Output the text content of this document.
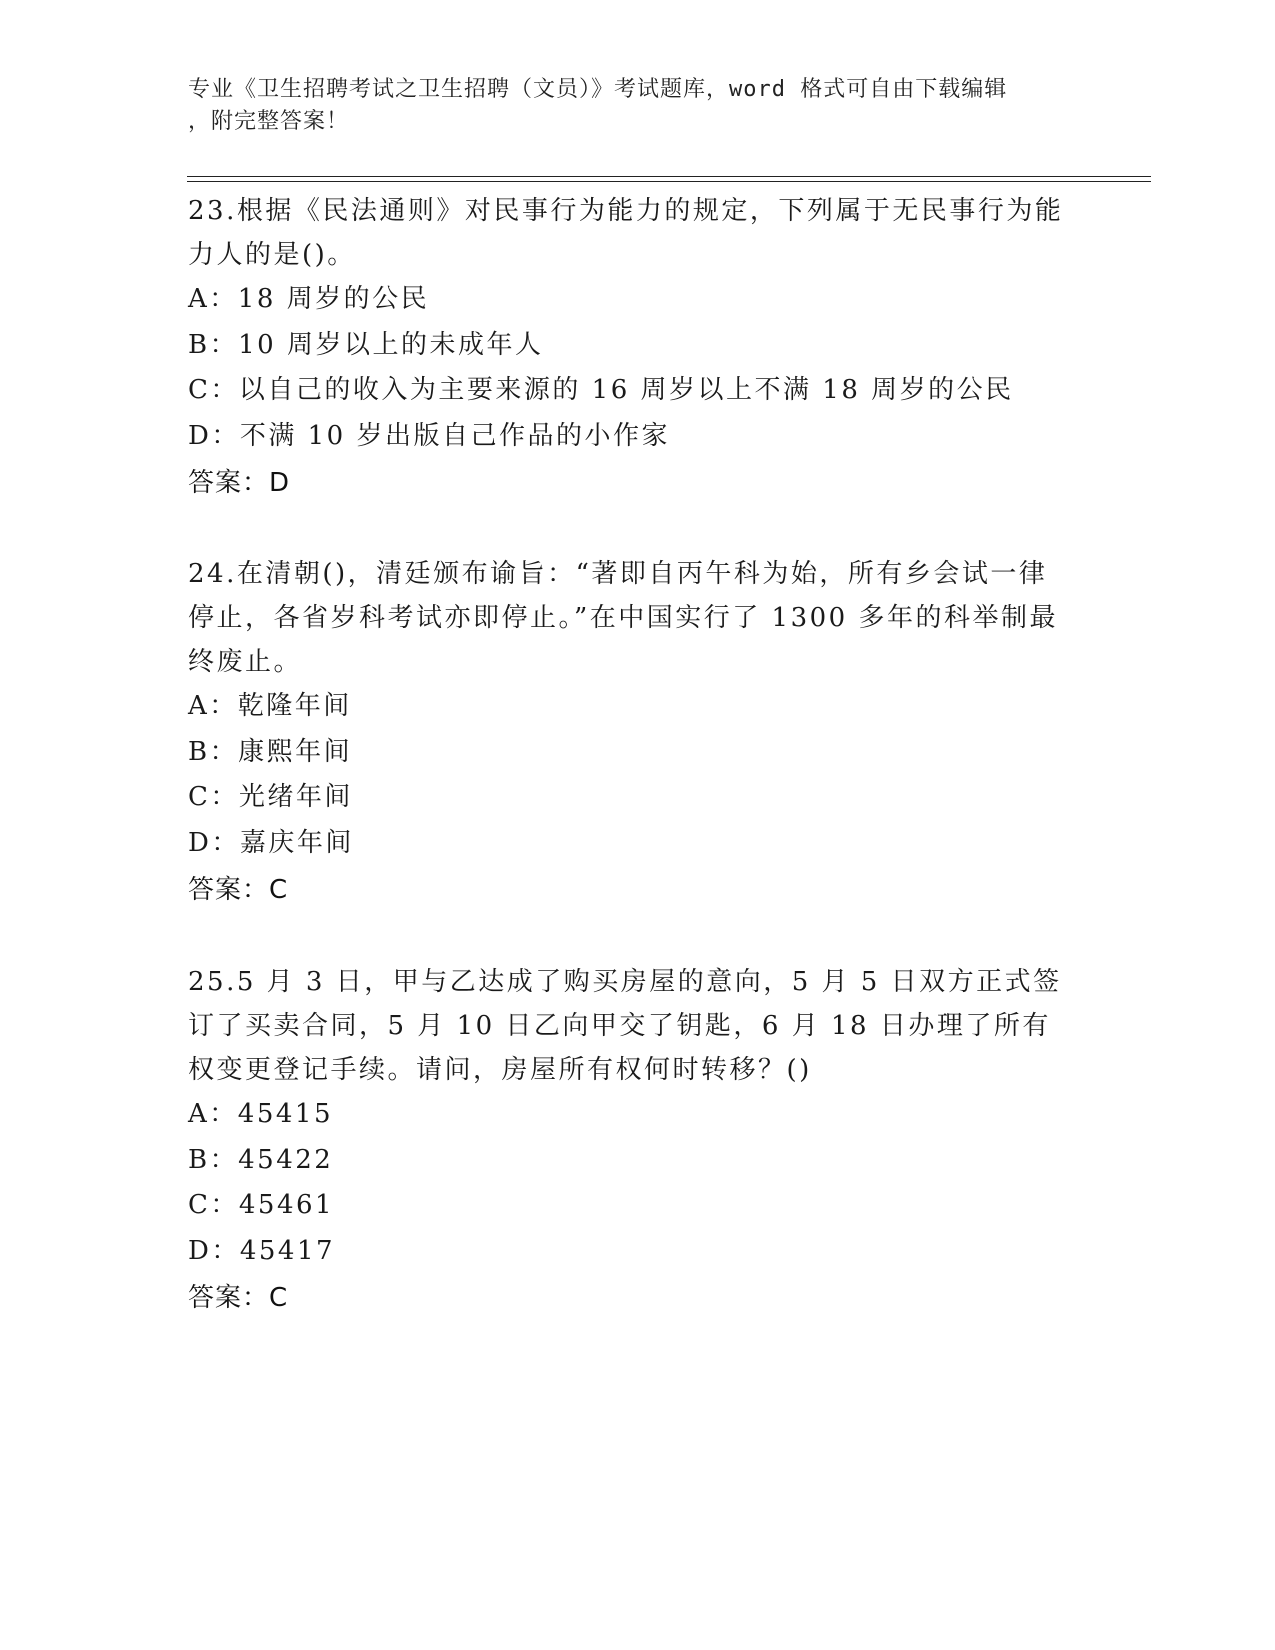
专业《卫生招聘考试之卫生招聘（文员）》考试题库，word 格式可自由下载编辑
，附完整答案！

23.根据《民法通则》对民事行为能力的规定，下列属于无民事行为能力人的是()。

A：18 周岁的公民
B：10 周岁以上的未成年人
C：以自己的收入为主要来源的 16 周岁以上不满 18 周岁的公民
D：不满 10 岁出版自己作品的小作家
答案：D

24.在清朝()，清廷颁布谕旨：“著即自丙午科为始，所有乡会试一律停止，各省岁科考试亦即停止。”在中国实行了 1300 多年的科举制最终废止。

A：乾隆年间
B：康熙年间
C：光绪年间
D：嘉庆年间
答案：C

25.5 月 3 日，甲与乙达成了购买房屋的意向，5 月 5 日双方正式签订了买卖合同，5 月 10 日乙向甲交了钥匙，6 月 18 日办理了所有权变更登记手续。请问，房屋所有权何时转移？()

A：45415
B：45422
C：45461
D：45417
答案：C
